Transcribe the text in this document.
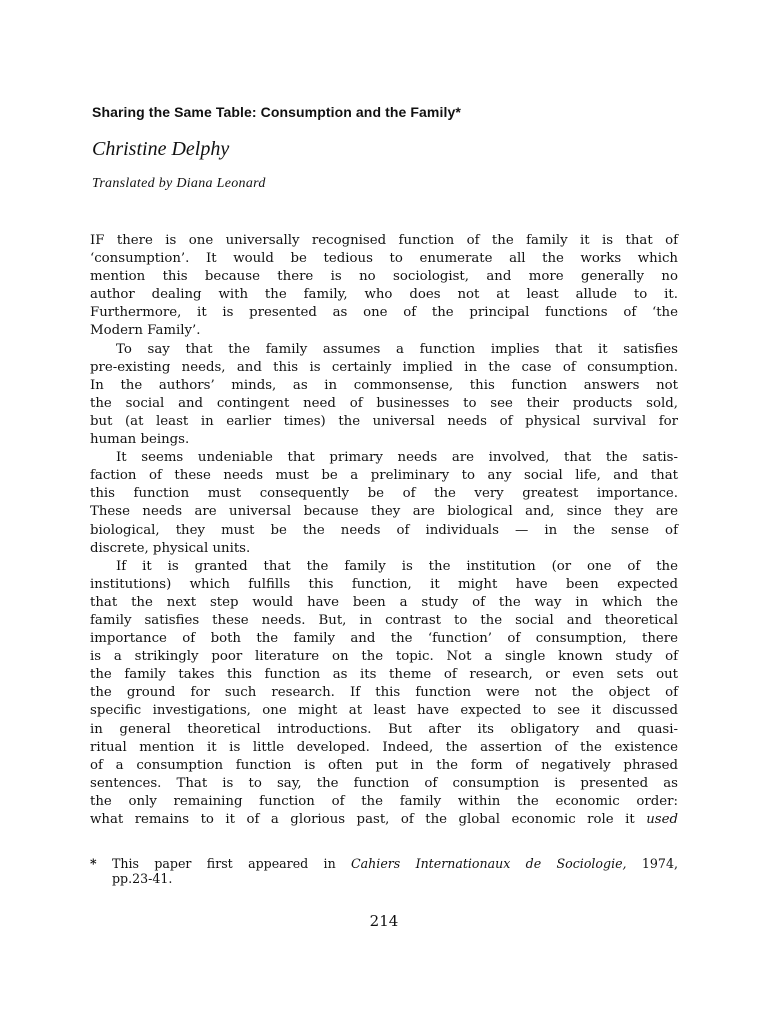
Sharing the Same Table: Consumption and the Family*
Christine Delphy
Translated by Diana Leonard
IF there is one universally recognised function of the family it is that of
‘consumption’. It would be tedious to enumerate all the works which
mention this because there is no sociologist, and more generally no
author dealing with the family, who does not at least allude to it.
Furthermore, it is presented as one of the principal functions of ‘the
Modern Family’.
To say that the family assumes a function implies that it satisfies
pre-existing needs, and this is certainly implied in the case of consumption.
In the authors’ minds, as in commonsense, this function answers not
the social and contingent need of businesses to see their products sold,
but (at least in earlier times) the universal needs of physical survival for
human beings.
It seems undeniable that primary needs are involved, that the satis-
faction of these needs must be a preliminary to any social life, and that
this function must consequently be of the very greatest importance.
These needs are universal because they are biological and, since they are
biological, they must be the needs of individuals — in the sense of
discrete, physical units.
If it is granted that the family is the institution (or one of the
institutions) which fulfills this function, it might have been expected
that the next step would have been a study of the way in which the
family satisfies these needs. But, in contrast to the social and theoretical
importance of both the family and the ‘function’ of consumption, there
is a strikingly poor literature on the topic. Not a single known study of
the family takes this function as its theme of research, or even sets out
the ground for such research. If this function were not the object of
specific investigations, one might at least have expected to see it discussed
in general theoretical introductions. But after its obligatory and quasi-
ritual mention it is little developed. Indeed, the assertion of the existence
of a consumption function is often put in the form of negatively phrased
sentences. That is to say, the function of consumption is presented as
the only remaining function of the family within the economic order:
what remains to it of a glorious past, of the global economic role it used
* This paper first appeared in Cahiers Internationaux de Sociologie, 1974,
pp.23-41.
214
